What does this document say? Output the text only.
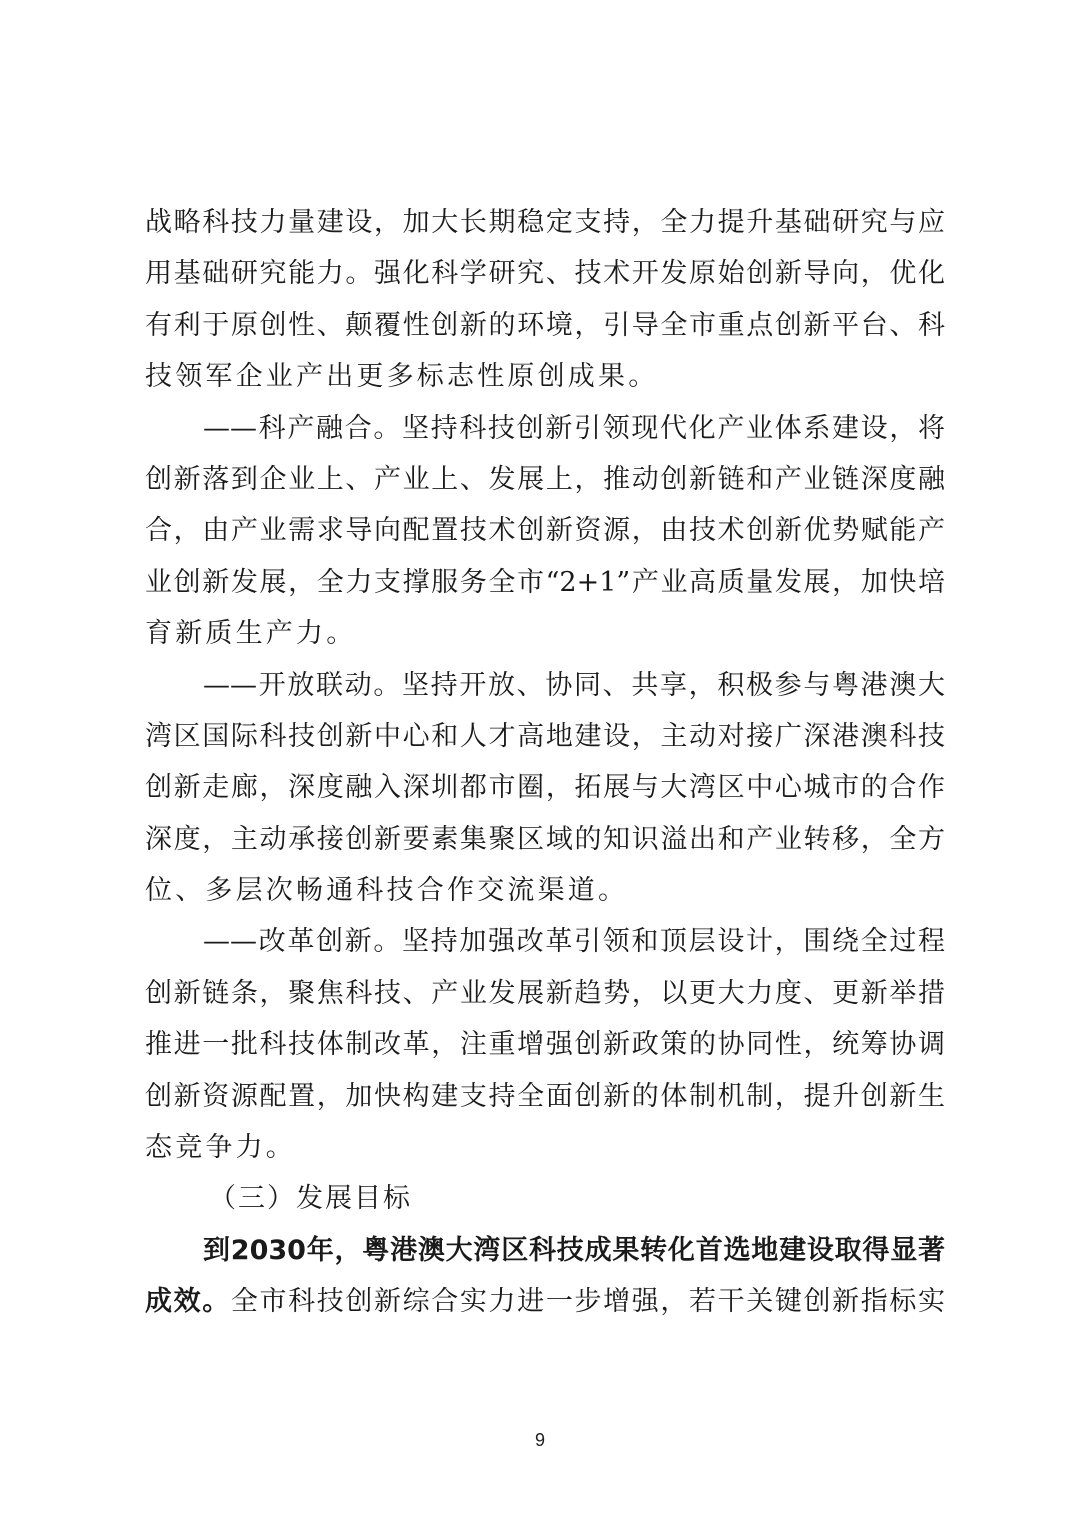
战略科技力量建设，加大长期稳定支持，全力提升基础研究与应
用基础研究能力。强化科学研究、技术开发原始创新导向，优化
有利于原创性、颠覆性创新的环境，引导全市重点创新平台、科
技领军企业产出更多标志性原创成果。
——科产融合。坚持科技创新引领现代化产业体系建设，将
创新落到企业上、产业上、发展上，推动创新链和产业链深度融
合，由产业需求导向配置技术创新资源，由技术创新优势赋能产
业创新发展，全力支撑服务全市“2+1”产业高质量发展，加快培
育新质生产力。
——开放联动。坚持开放、协同、共享，积极参与粤港澳大
湾区国际科技创新中心和人才高地建设，主动对接广深港澳科技
创新走廊，深度融入深圳都市圈，拓展与大湾区中心城市的合作
深度，主动承接创新要素集聚区域的知识溢出和产业转移，全方
位、多层次畅通科技合作交流渠道。
——改革创新。坚持加强改革引领和顶层设计，围绕全过程
创新链条，聚焦科技、产业发展新趋势，以更大力度、更新举措
推进一批科技体制改革，注重增强创新政策的协同性，统筹协调
创新资源配置，加快构建支持全面创新的体制机制，提升创新生
态竞争力。
（三）发展目标
到2030年，粤港澳大湾区科技成果转化首选地建设取得显著
成效。全市科技创新综合实力进一步增强，若干关键创新指标实
9
